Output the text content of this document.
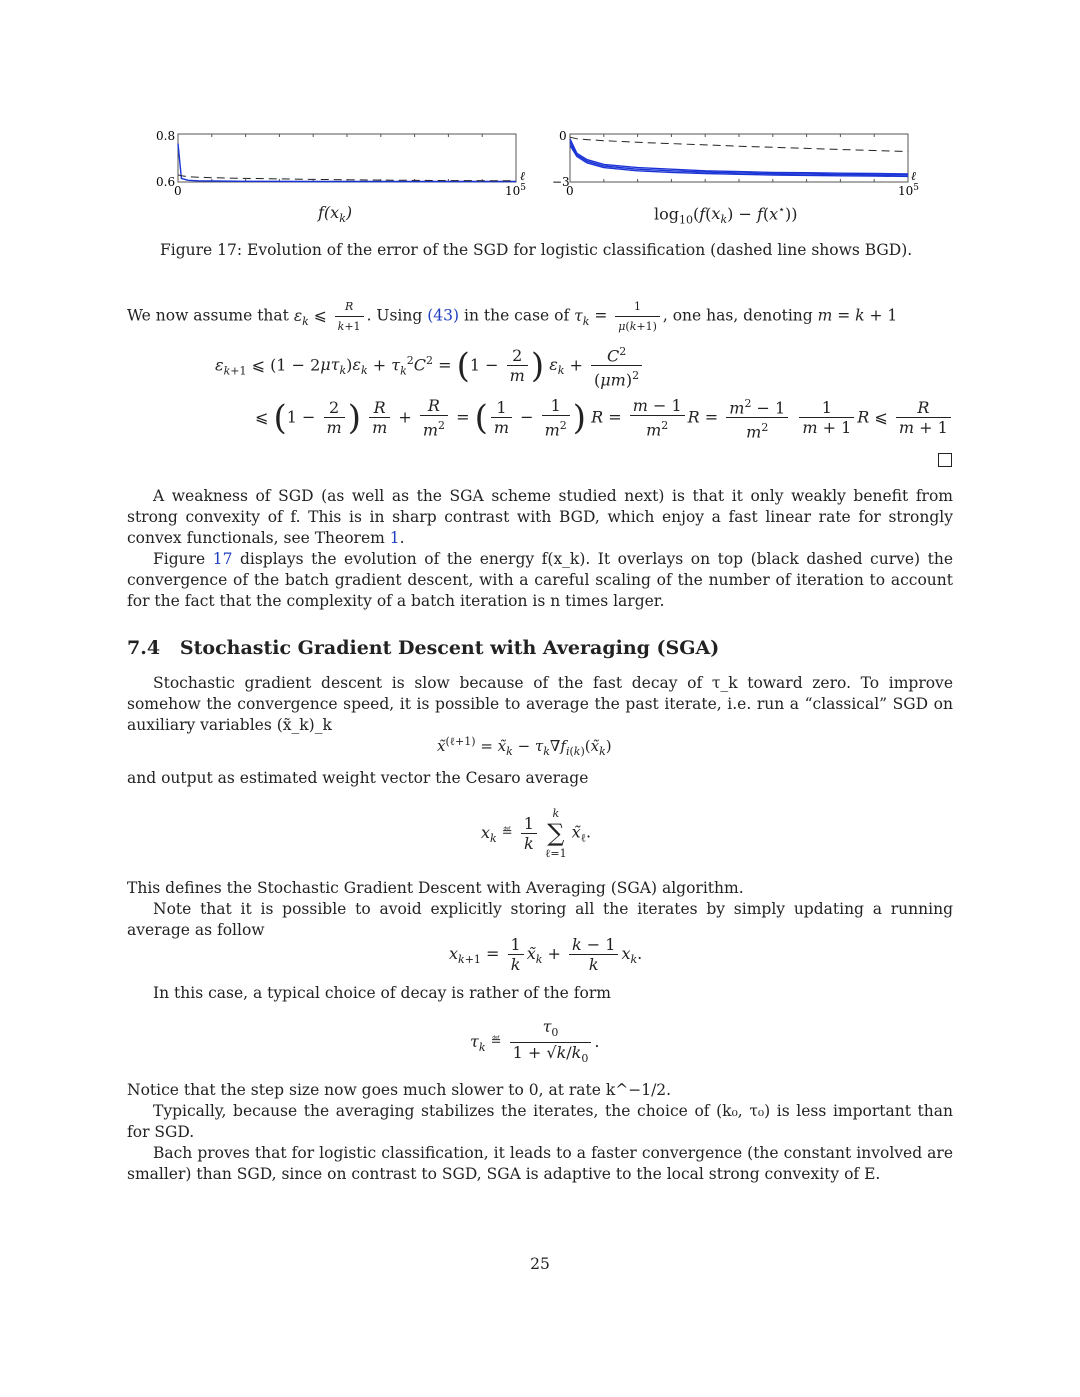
0.8
0.6
0	$10^5$
ℓ
0
−3
0	$10^5$
ℓ
$f(x_k)$	$\log_{10}(f(x_k) - f(x^⋆))$
Figure 17: Evolution of the error of the SGD for logistic classification (dashed line shows BGD).
We now assume that $\varepsilon_k$ ⩽ $\frac{R}{k+1}$ . Using (43) in the case of $\tau_k = \frac{1}{\mu(k+1)}$ , one has, denoting m = k + 1
$\varepsilon_{k+1}$ ⩽ $(1 - 2\mu\tau_k)\varepsilon_k + \tau_k^2C^2 = (1 - \frac{2}{m}$ ) $\varepsilon_k + \frac{C^2}{(\mu m)^2}$
⩽ ($1 - \frac{2}{m}$ ) $\frac{R}{m} + \frac{R}{m^2}$ = ( $\frac{1}{m} - \frac{1}{m^2}$ ) $R = \frac{m - 1}{m^2}$ $R = \frac{m^2 - 1}{m^2}$
$\frac{1}{m + 1}$ R ⩽ $\frac{R}{m + 1}$
A weakness of SGD (as well as the SGA scheme studied next) is that it only weakly benefit from strong convexity of f. This is in sharp contrast with BGD, which enjoy a fast linear rate for strongly convex functionals, see Theorem 1.
Figure 17 displays the evolution of the energy f(x_k). It overlays on top (black dashed curve) the convergence of the batch gradient descent, with a careful scaling of the number of iteration to account for the fact that the complexity of a batch iteration is n times larger.
7.4 Stochastic Gradient Descent with Averaging (SGA)
Stochastic gradient descent is slow because of the fast decay of τ_k toward zero. To improve somehow the convergence speed, it is possible to average the past iterate, i.e. run a “classical” SGD on auxiliary variables (x̃_k)_k
x̃$^{(\ell+1)}$ = $x̃_k$ − $\tau_k\nabla f_{i(k)}(x̃_k)$
and output as estimated weight vector the Cesaro average
$x_k$ ≝ $\frac{1}{k}$ k
∑
ℓ=1 $x̃_\ell$.
This defines the Stochastic Gradient Descent with Averaging (SGA) algorithm.
Note that it is possible to avoid explicitly storing all the iterates by simply updating a running average as follow
$x_{k+1} = \frac{1}{k}$ $x̃_k + \frac{k - 1}{k} x_k$.
In this case, a typical choice of decay is rather of the form
$\tau_k$ ≝ $\frac{\tau_0}{1 + √k/k_0}$ .
Notice that the step size now goes much slower to 0, at rate k^−1/2.
Typically, because the averaging stabilizes the iterates, the choice of (k₀, τ₀) is less important than for SGD.
Bach proves that for logistic classification, it leads to a faster convergence (the constant involved are smaller) than SGD, since on contrast to SGD, SGA is adaptive to the local strong convexity of E.
25
